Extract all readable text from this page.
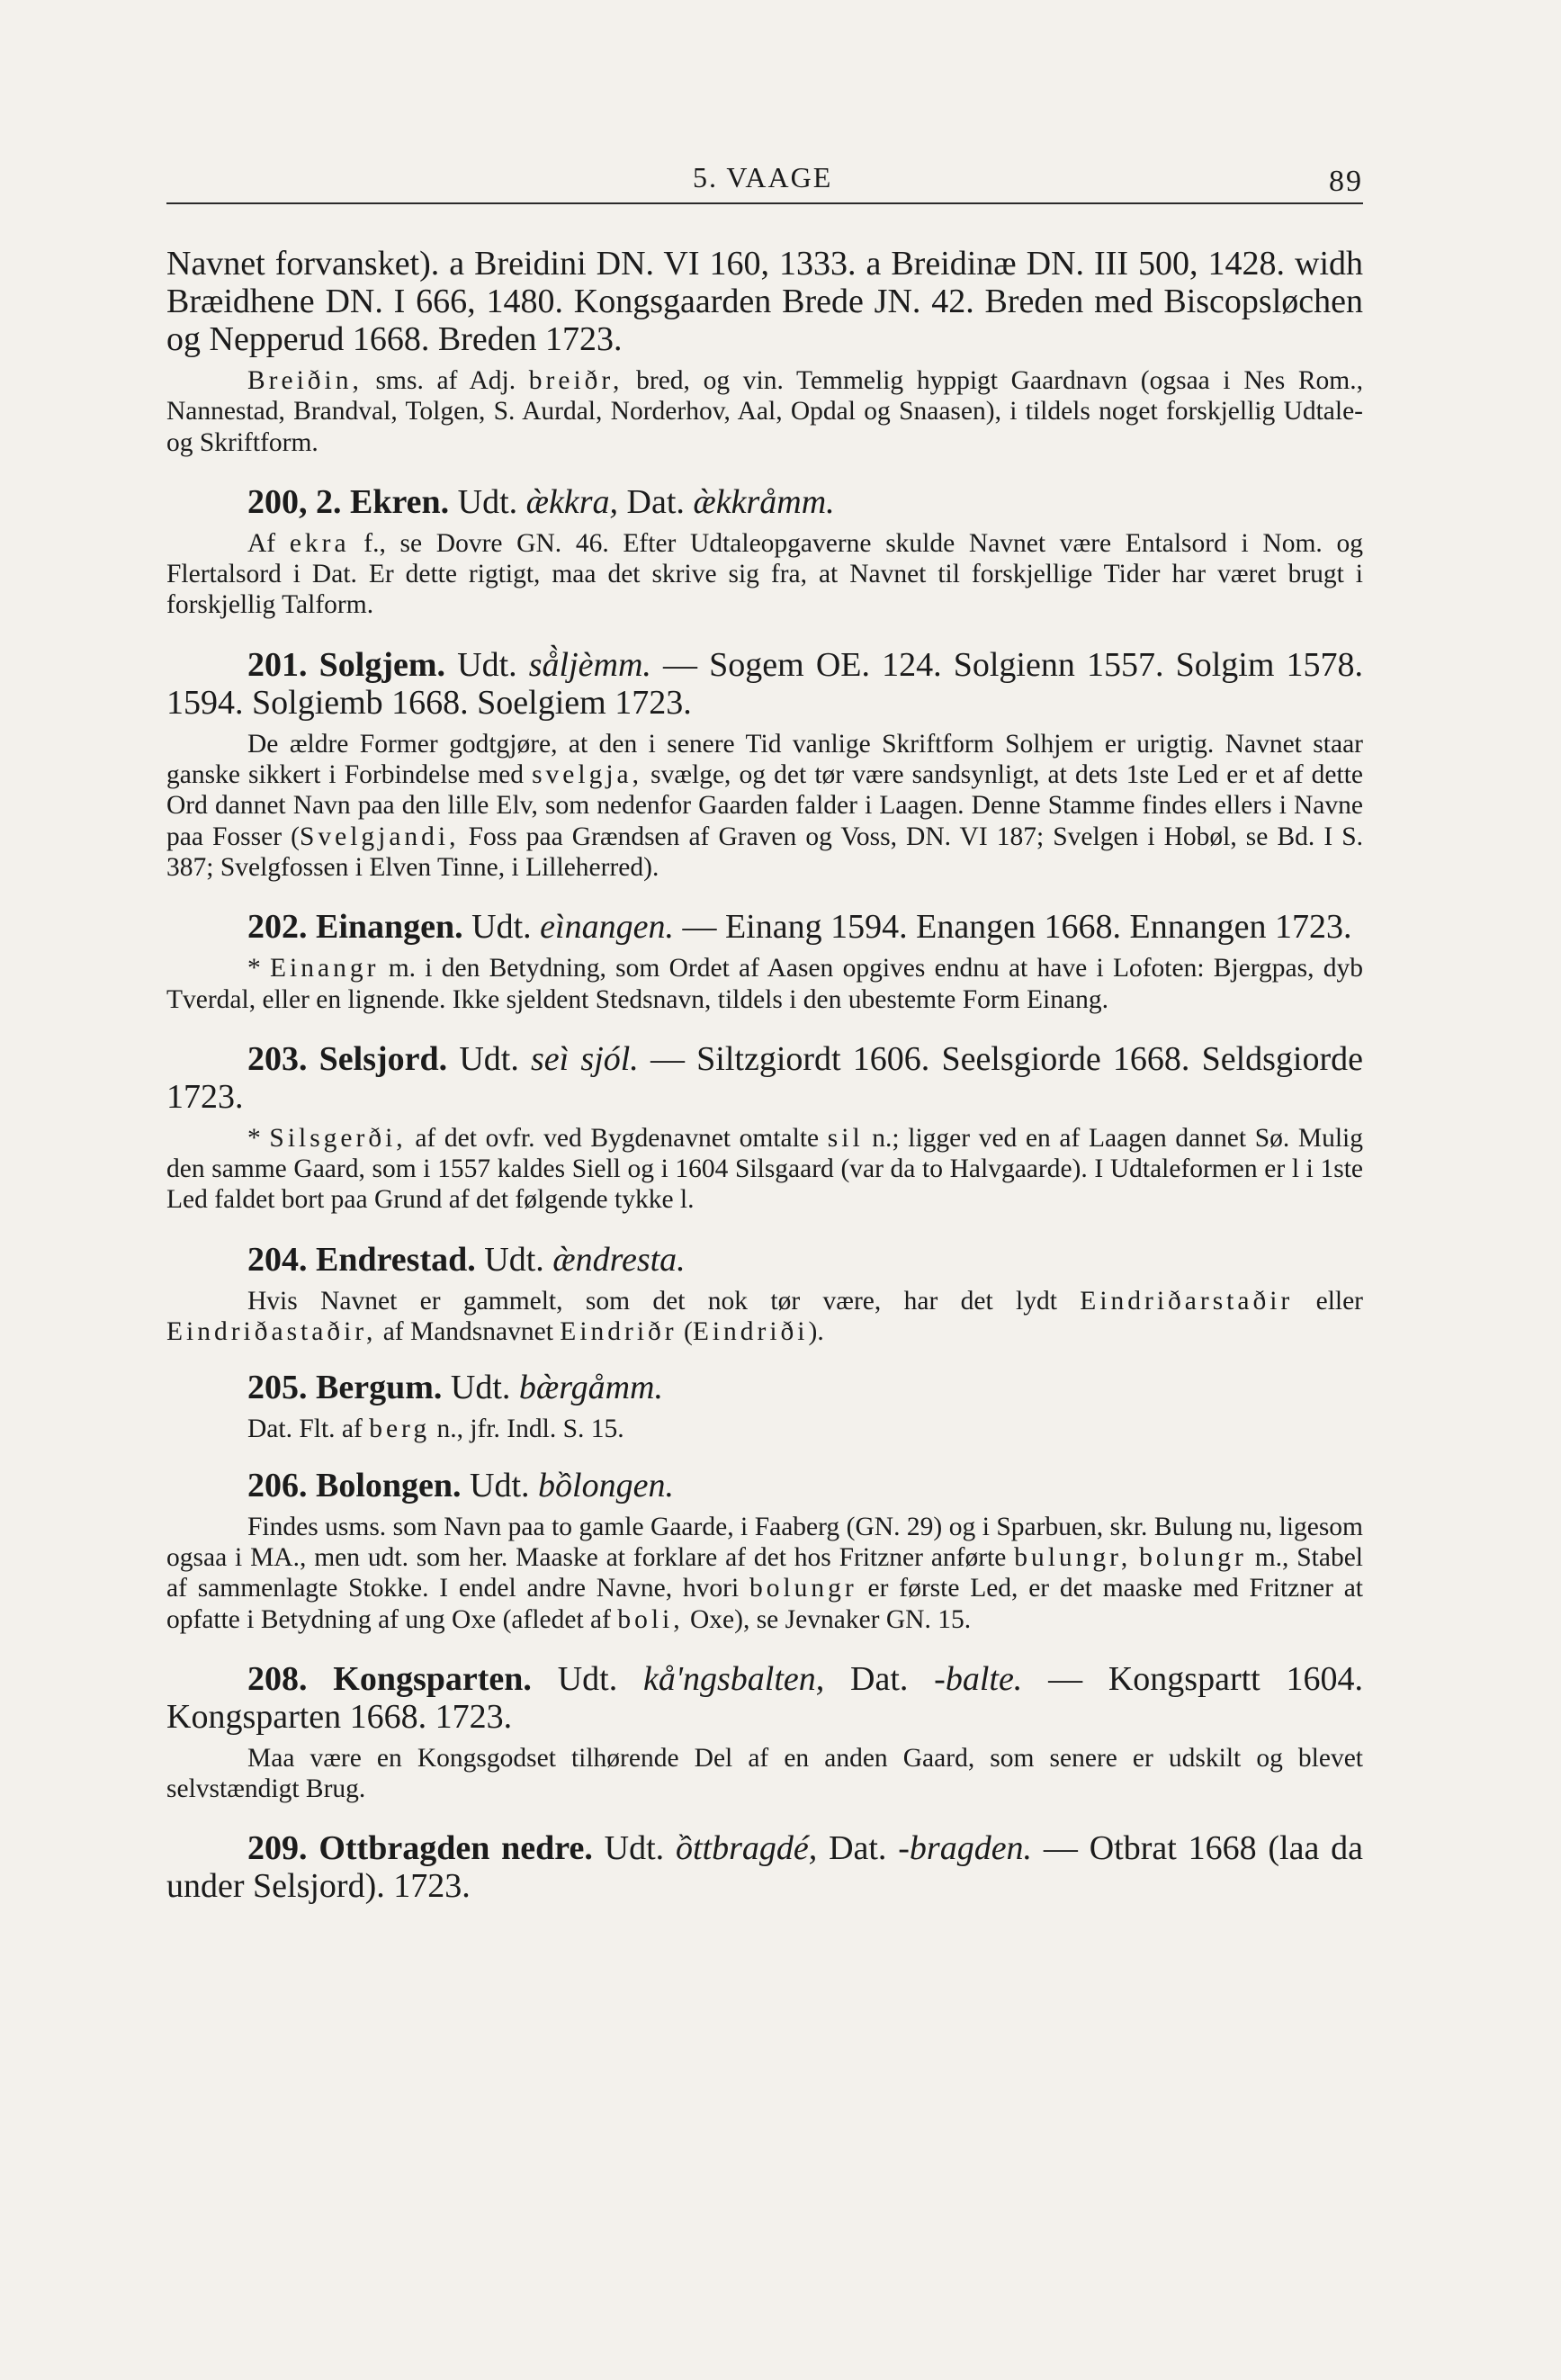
5. VAAGE	89

Navnet forvansket). a Breidini DN. VI 160, 1333. a Breidinæ DN. III 500, 1428. widh Bræidhene DN. I 666, 1480. Kongsgaarden Brede JN. 42. Breden med Biscopsløchen og Nepperud 1668. Breden 1723.

Breiðin, sms. af Adj. breiðr, bred, og vin. Temmelig hyppigt Gaardnavn (ogsaa i Nes Rom., Nannestad, Brandval, Tolgen, S. Aurdal, Norderhov, Aal, Opdal og Snaasen), i tildels noget forskjellig Udtale- og Skriftform.

200, 2. Ekren. Udt. æ̀kkra, Dat. æ̀kkråmm.

Af ekra f., se Dovre GN. 46. Efter Udtaleopgaverne skulde Navnet være Entalsord i Nom. og Flertalsord i Dat. Er dette rigtigt, maa det skrive sig fra, at Navnet til forskjellige Tider har været brugt i forskjellig Talform.

201. Solgjem. Udt. så̀ljèmm. — Sogem OE. 124. Solgienn 1557. Solgim 1578. 1594. Solgiemb 1668. Soelgiem 1723.

De ældre Former godtgjøre, at den i senere Tid vanlige Skriftform Solhjem er urigtig. Navnet staar ganske sikkert i Forbindelse med svelgja, svælge, og det tør være sandsynligt, at dets 1ste Led er et af dette Ord dannet Navn paa den lille Elv, som nedenfor Gaarden falder i Laagen. Denne Stamme findes ellers i Navne paa Fosser (Svelgjandi, Foss paa Grændsen af Graven og Voss, DN. VI 187; Svelgen i Hobøl, se Bd. I S. 387; Svelgfossen i Elven Tinne, i Lilleherred).

202. Einangen. Udt. eìnangen. — Einang 1594. Enangen 1668. Ennangen 1723.

* Einangr m. i den Betydning, som Ordet af Aasen opgives endnu at have i Lofoten: Bjergpas, dyb Tverdal, eller en lignende. Ikke sjeldent Stedsnavn, tildels i den ubestemte Form Einang.

203. Selsjord. Udt. seì sjól. — Siltzgiordt 1606. Seelsgiorde 1668. Seldsgiorde 1723.

* Silsgerði, af det ovfr. ved Bygdenavnet omtalte sil n.; ligger ved en af Laagen dannet Sø. Mulig den samme Gaard, som i 1557 kaldes Siell og i 1604 Silsgaard (var da to Halvgaarde). I Udtaleformen er l i 1ste Led faldet bort paa Grund af det følgende tykke l.

204. Endrestad. Udt. æ̀ndresta.

Hvis Navnet er gammelt, som det nok tør være, har det lydt Eindriðarstaðir eller Eindriðastaðir, af Mandsnavnet Eindriðr (Eindriði).

205. Bergum. Udt. bæ̀rgåmm.

Dat. Flt. af berg n., jfr. Indl. S. 15.

206. Bolongen. Udt. bồlongen.

Findes usms. som Navn paa to gamle Gaarde, i Faaberg (GN. 29) og i Sparbuen, skr. Bulung nu, ligesom ogsaa i MA., men udt. som her. Maaske at forklare af det hos Fritzner anførte bulungr, bolungr m., Stabel af sammenlagte Stokke. I endel andre Navne, hvori bolungr er første Led, er det maaske med Fritzner at opfatte i Betydning af ung Oxe (afledet af boli, Oxe), se Jevnaker GN. 15.

208. Kongsparten. Udt. kå'ngsbalten, Dat. -balte. — Kongspartt 1604. Kongsparten 1668. 1723.

Maa være en Kongsgodset tilhørende Del af en anden Gaard, som senere er udskilt og blevet selvstændigt Brug.

209. Ottbragden nedre. Udt. ồttbragdé, Dat. -bragden. — Otbrat 1668 (laa da under Selsjord). 1723.
